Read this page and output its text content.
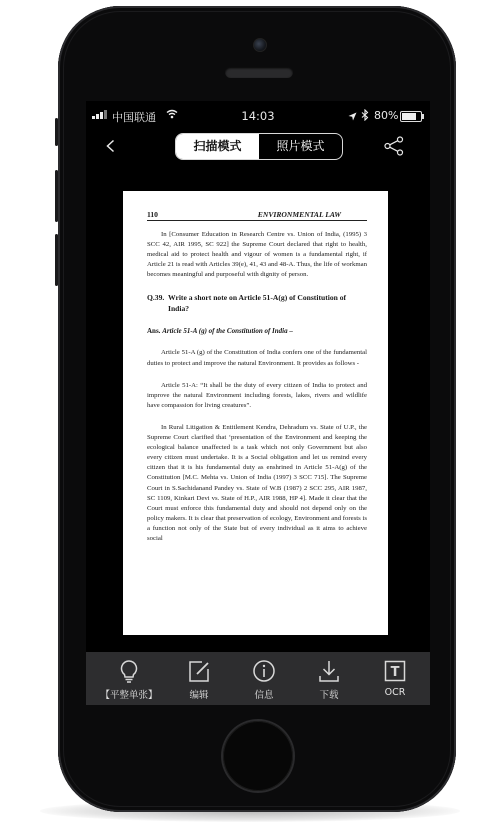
中国联通	14:03	80%
扫描模式	照片模式
110	ENVIRONMENTAL LAW

In [Consumer Education in Research Centre vs. Union of India, (1995) 3 SCC 42, AIR 1995, SC 922] the Supreme Court declared that right to health, medical aid to protect health and vigour of women is a fundamental right, if Article 21 is read with Articles 39(e), 41, 43 and 48-A. Thus, the life of workman becomes meaningful and purposeful with dignity of person.

Q.39. Write a short note on Article 51-A(g) of Constitution of India?
Ans. Article 51-A (g) of the Constitution of India –

Article 51-A (g) of the Constitution of India confers one of the fundamental duties to protect and improve the natural Environment. It provides as follows -

Article 51-A: “It shall be the duty of every citizen of India to protect and improve the natural Environment including forests, lakes, rivers and wildlife have compassion for living creatures”.

In Rural Litigation & Entitlement Kendra, Dehradum vs. State of U.P., the Supreme Court clarified that ‘presentation of the Environment and keeping the ecological balance unaffected is a task which not only Government but also every citizen must undertake. It is a Social obligation and let us remind every citizen that it is his fundamental duty as enshrined in Article 51-A(g) of the Constitution [M.C. Mehta vs. Union of India (1997) 3 SCC 715]. The Supreme Court in S.Sachidanand Pandey vs. State of W.B (1987) 2 SCC 295, AIR 1987, SC 1109, Kinkari Devi vs. State of H.P., AIR 1988, HP 4]. Made it clear that the Court must enforce this fundamental duty and should not depend only on the policy makers. It is clear that preservation of ecology, Environment and forests is a function not only of the State but of every individual as it aims to achieve social

【平整单张】	编辑	信息	下载
T
OCR
